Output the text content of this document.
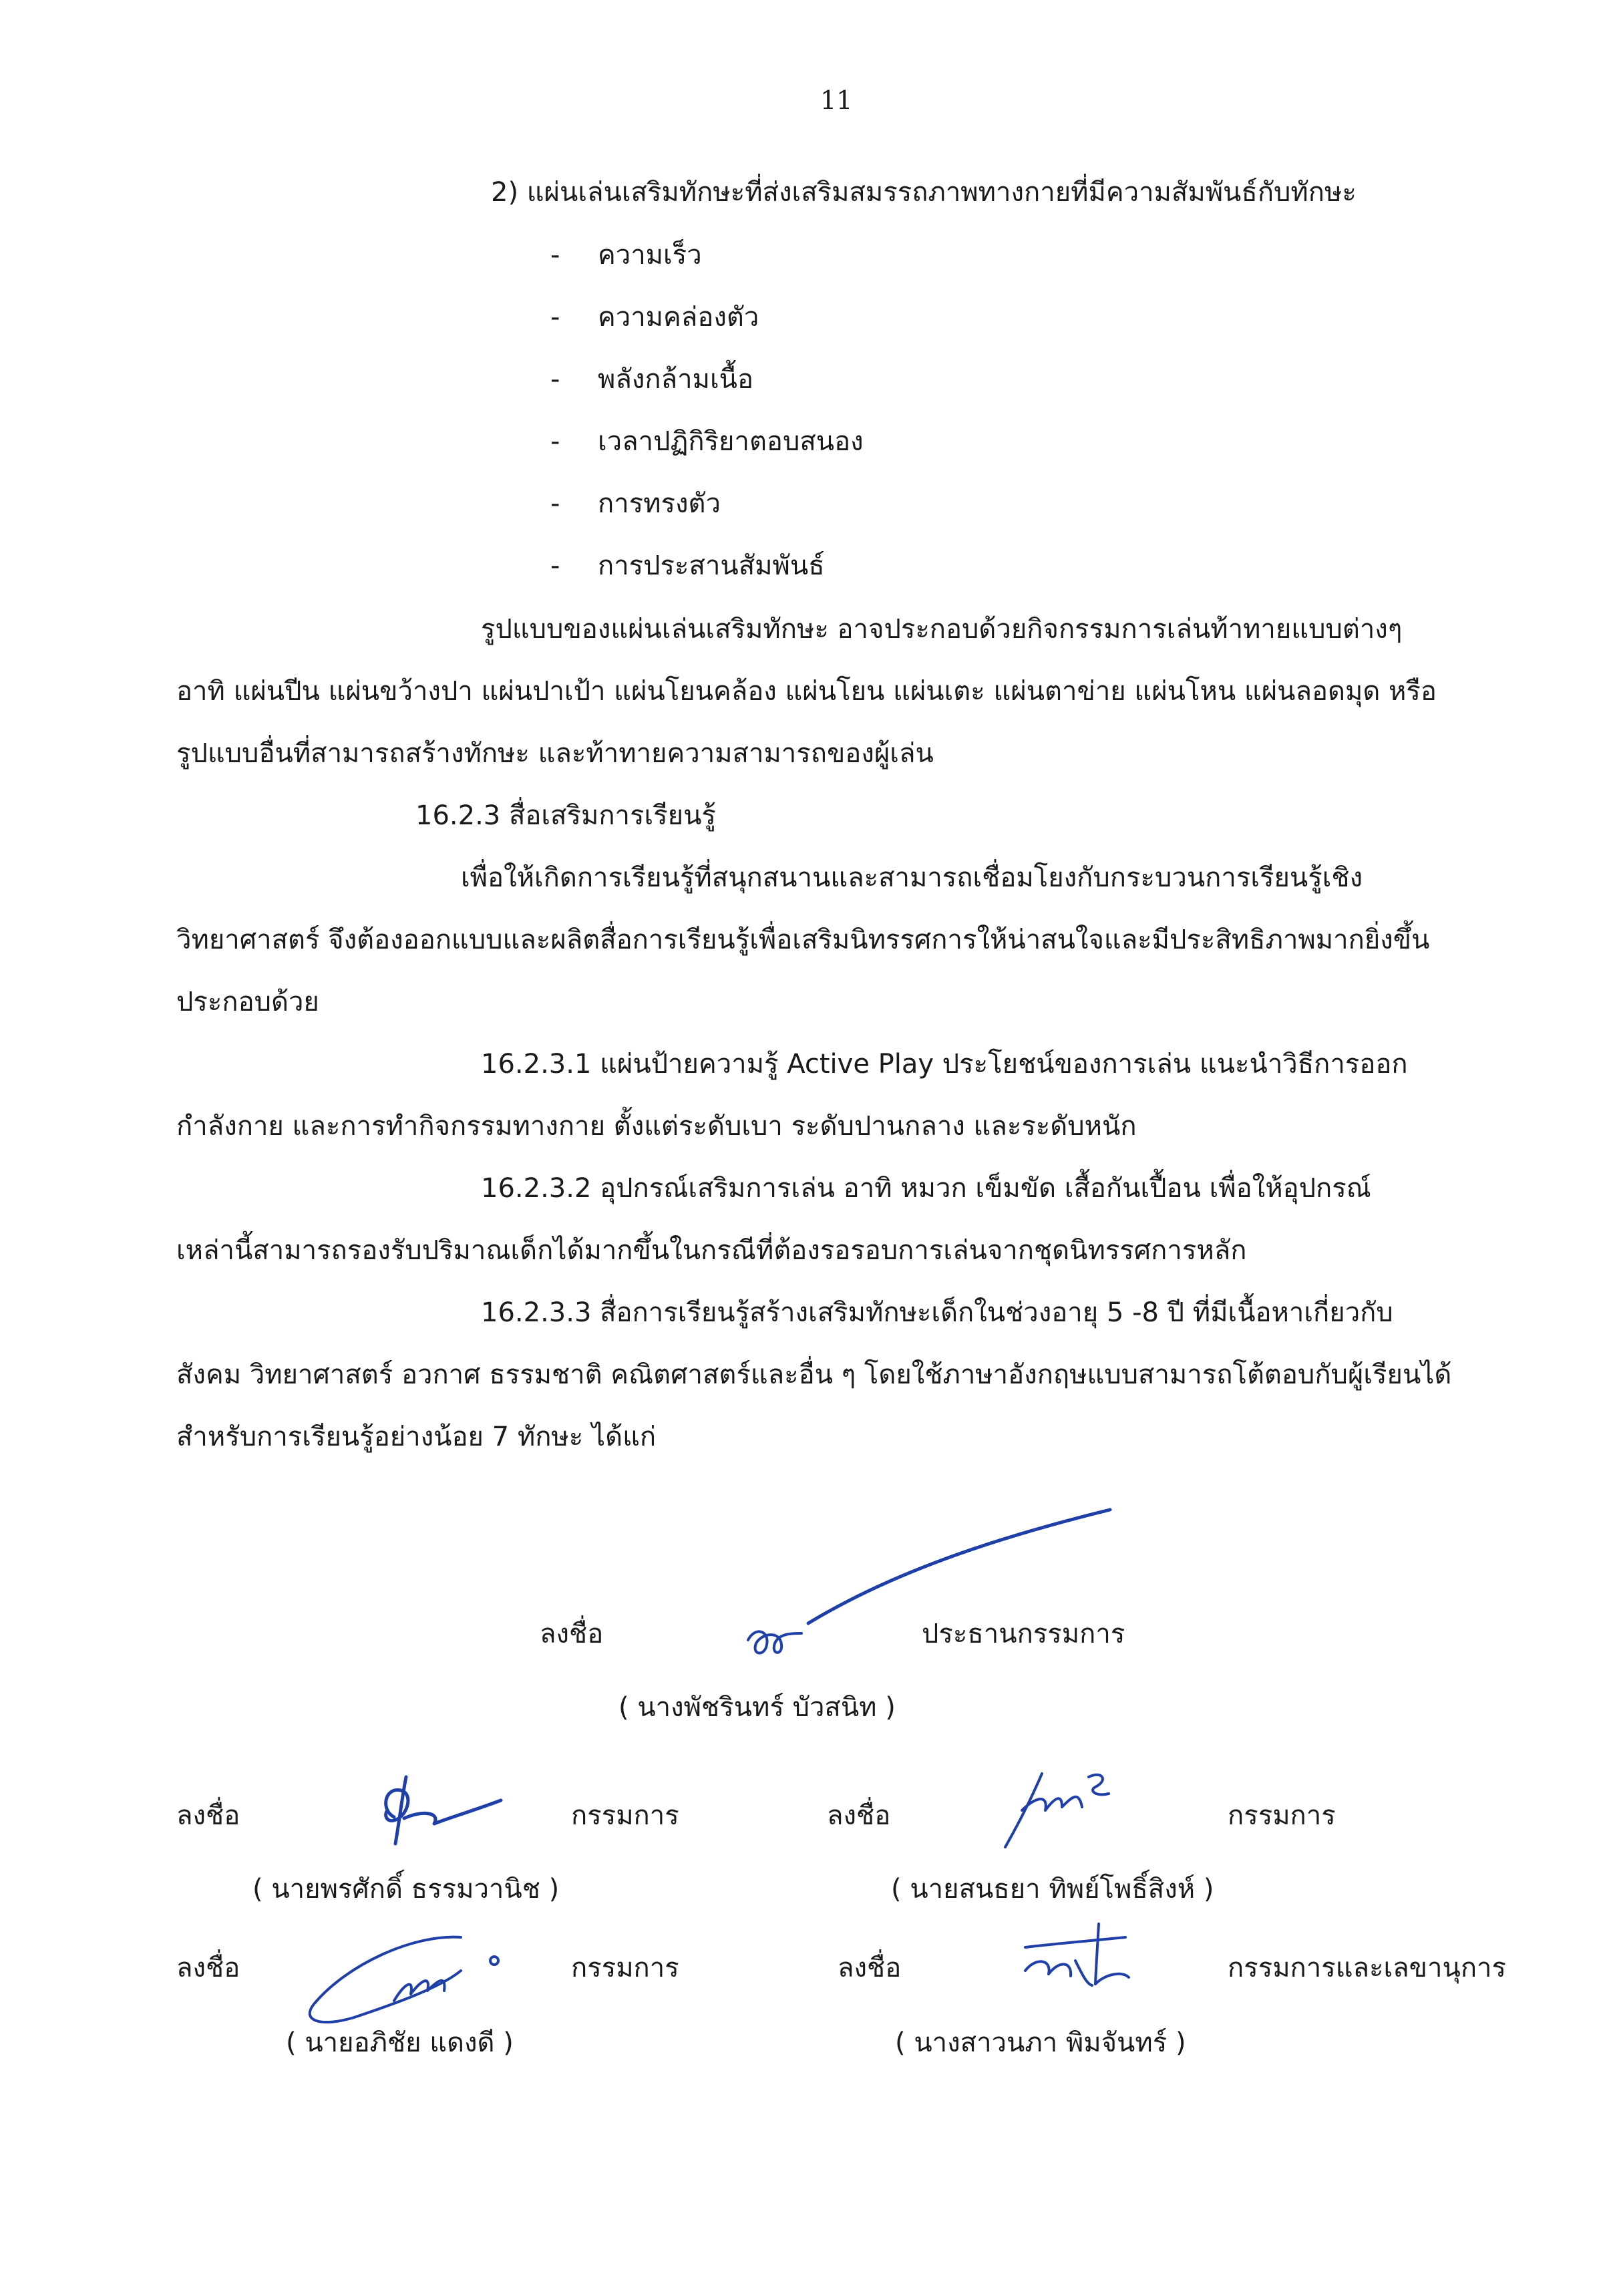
11
2) แผ่นเล่นเสริมทักษะที่ส่งเสริมสมรรถภาพทางกายที่มีความสัมพันธ์กับทักษะ
- ความเร็ว
- ความคล่องตัว
- พลังกล้ามเนื้อ
- เวลาปฏิกิริยาตอบสนอง
- การทรงตัว
- การประสานสัมพันธ์
รูปแบบของแผ่นเล่นเสริมทักษะ อาจประกอบด้วยกิจกรรมการเล่นท้าทายแบบต่างๆ
อาทิ แผ่นปีน แผ่นขว้างปา แผ่นปาเป้า แผ่นโยนคล้อง แผ่นโยน แผ่นเตะ แผ่นตาข่าย แผ่นโหน แผ่นลอดมุด หรือ
รูปแบบอื่นที่สามารถสร้างทักษะ และท้าทายความสามารถของผู้เล่น
16.2.3 สื่อเสริมการเรียนรู้
เพื่อให้เกิดการเรียนรู้ที่สนุกสนานและสามารถเชื่อมโยงกับกระบวนการเรียนรู้เชิง
วิทยาศาสตร์ จึงต้องออกแบบและผลิตสื่อการเรียนรู้เพื่อเสริมนิทรรศการให้น่าสนใจและมีประสิทธิภาพมากยิ่งขึ้น
ประกอบด้วย
16.2.3.1 แผ่นป้ายความรู้ Active Play ประโยชน์ของการเล่น แนะนำวิธีการออก
กำลังกาย และการทำกิจกรรมทางกาย ตั้งแต่ระดับเบา ระดับปานกลาง และระดับหนัก
16.2.3.2 อุปกรณ์เสริมการเล่น อาทิ หมวก เข็มขัด เสื้อกันเปื้อน เพื่อให้อุปกรณ์
เหล่านี้สามารถรองรับปริมาณเด็กได้มากขึ้นในกรณีที่ต้องรอรอบการเล่นจากชุดนิทรรศการหลัก
16.2.3.3 สื่อการเรียนรู้สร้างเสริมทักษะเด็กในช่วงอายุ 5 -8 ปี ที่มีเนื้อหาเกี่ยวกับ
สังคม วิทยาศาสตร์ อวกาศ ธรรมชาติ คณิตศาสตร์และอื่น ๆ โดยใช้ภาษาอังกฤษแบบสามารถโต้ตอบกับผู้เรียนได้
สำหรับการเรียนรู้อย่างน้อย 7 ทักษะ ได้แก่
ลงชื่อ	ประธานกรรมการ
( นางพัชรินทร์ บัวสนิท )
ลงชื่อ	กรรมการ
( นายพรศักดิ์ ธรรมวานิช )
ลงชื่อ	กรรมการ
( นายสนธยา ทิพย์โพธิ์สิงห์ )
ลงชื่อ	กรรมการ
( นายอภิชัย แดงดี )
ลงชื่อ	กรรมการและเลขานุการ
( นางสาวนภา พิมจันทร์ )
